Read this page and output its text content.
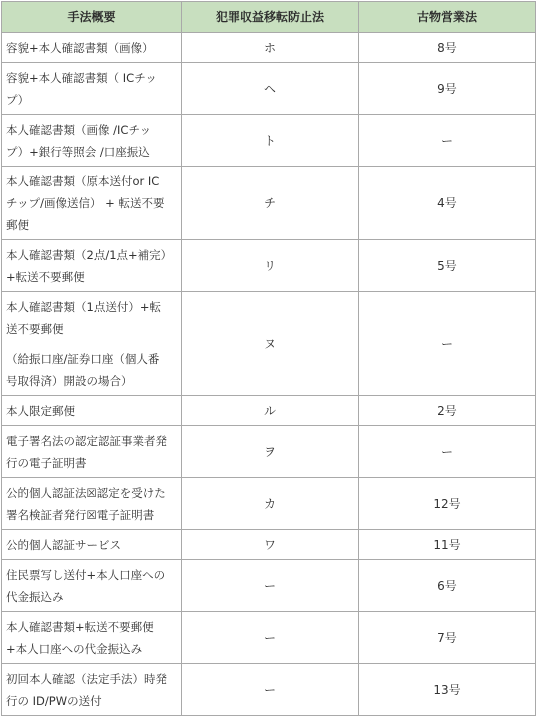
手法概要	犯罪収益移転防止法	古物営業法

容貌+本人確認書類（画像）	ホ	8号

容貌+本人確認書類（ ICチッ
プ）	ヘ	9号

本人確認書類（画像 /ICチッ
プ）+銀行等照会 /口座振込	ト	ー

本人確認書類（原本送付or IC
チップ/画像送信） + 転送不要
郵便	チ	4号

本人確認書類（2点/1点+補完）
+転送不要郵便	リ	5号

本人確認書類（1点送付）+転
送不要郵便
（給振口座/証券口座（個人番
号取得済）開設の場合）	ヌ	ー

本人限定郵便	ル	2号

電子署名法の認定認証事業者発
行の電子証明書	ヲ	ー

公的個人認証法☒認定を受けた
署名検証者発行☒電子証明書	カ	12号

公的個人認証サービス	ワ	11号

住民票写し送付+本人口座への
代金振込み	ー	6号

本人確認書類+転送不要郵便
+本人口座への代金振込み	ー	7号

初回本人確認（法定手法）時発
行の ID/PWの送付	ー	13号
